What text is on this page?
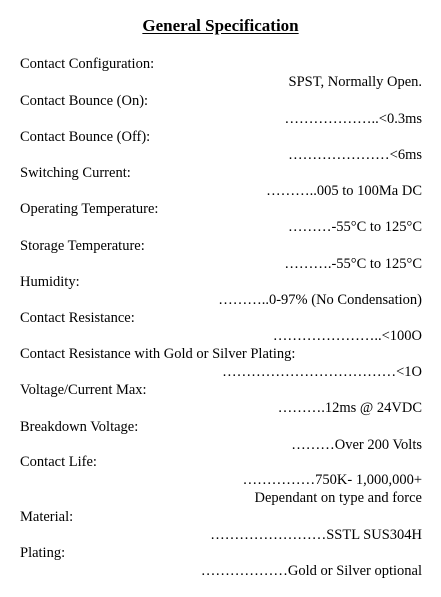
General Specification
Contact Configuration:
SPST, Normally Open.
Contact Bounce (On):
………………..<0.3ms
Contact Bounce (Off):
…………………<6ms
Switching Current:
………..005 to 100Ma DC
Operating Temperature:
………-55°C to 125°C
Storage Temperature:
……….-55°C to 125°C
Humidity:
………..0-97% (No Condensation)
Contact Resistance:
…………………..<100O
Contact Resistance with Gold or Silver Plating:
………………………………<1O
Voltage/Current Max:
……….12ms @ 24VDC
Breakdown Voltage:
………Over 200 Volts
Contact Life:
……………750K- 1,000,000+
Dependant on type and force
Material:
……………………SSTL SUS304H
Plating:
………………Gold or Silver optional
